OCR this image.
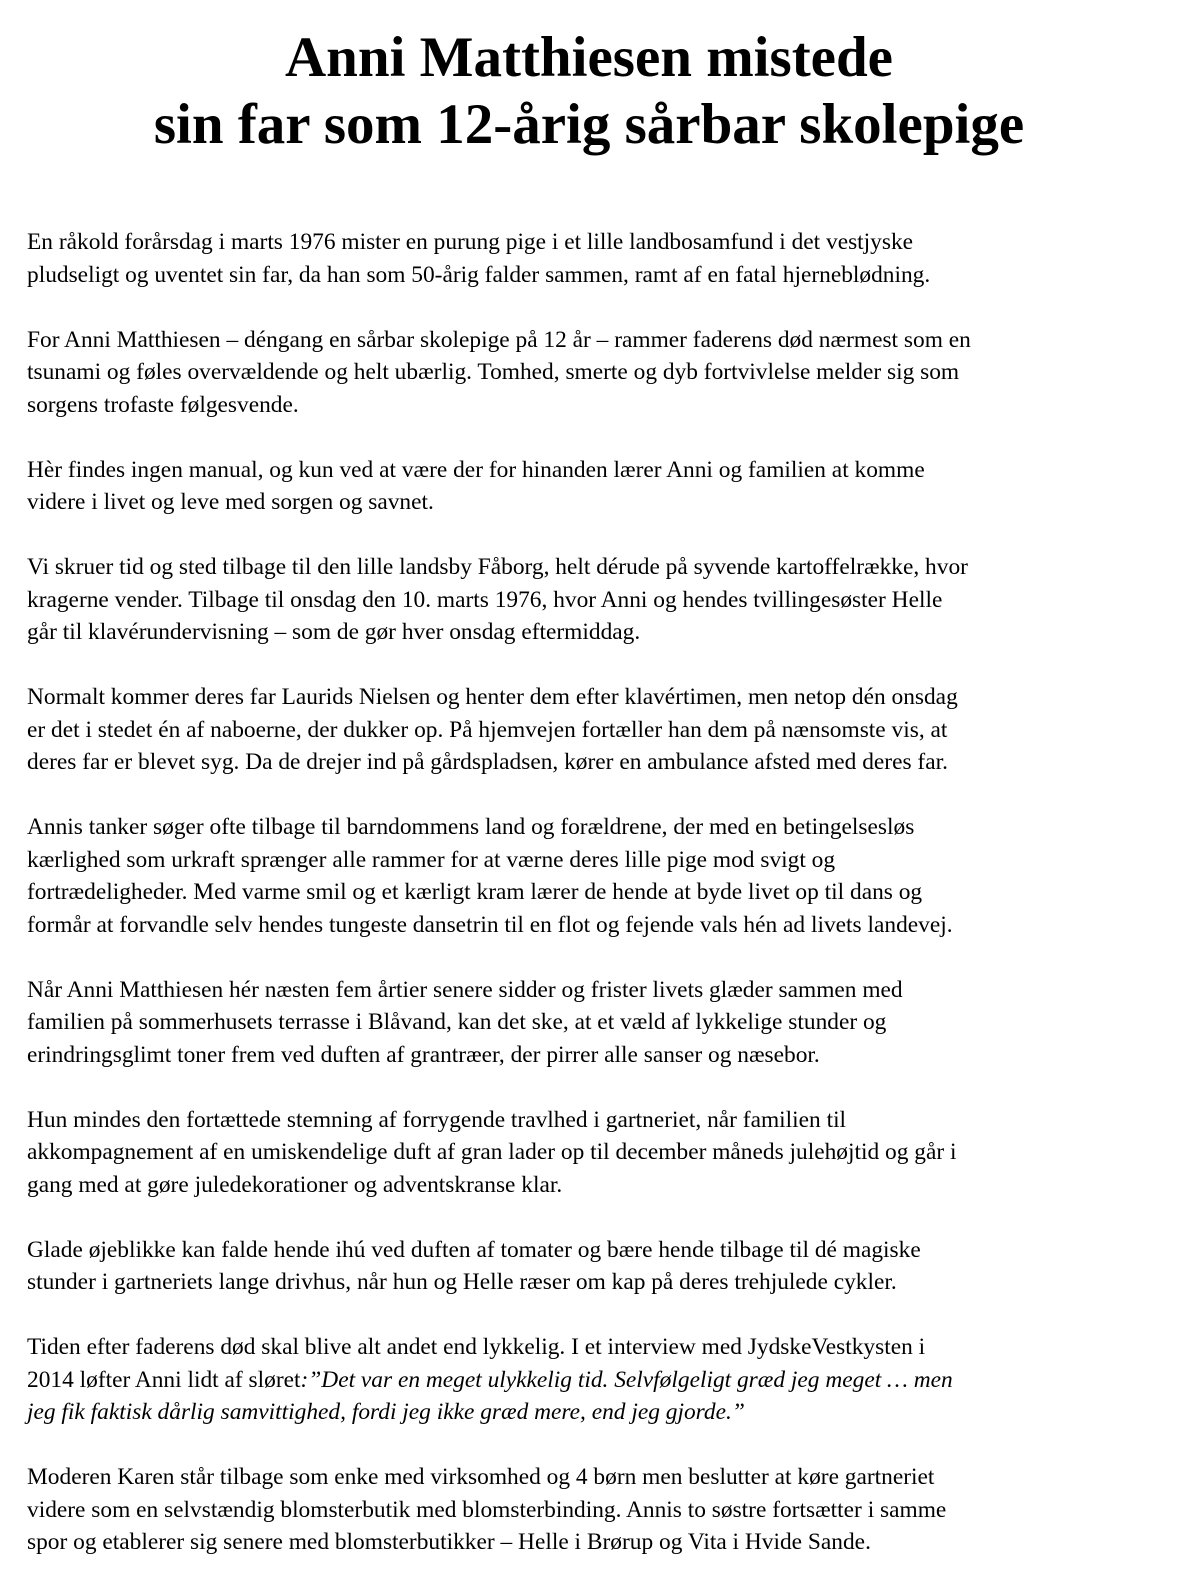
Anni Matthiesen mistede
sin far som 12-årig sårbar skolepige

En råkold forårsdag i marts 1976 mister en purung pige i et lille landbosamfund i det vestjyske
pludseligt og uventet sin far, da han som 50-årig falder sammen, ramt af en fatal hjerneblødning.

For Anni Matthiesen – déngang en sårbar skolepige på 12 år – rammer faderens død nærmest som en
tsunami og føles overvældende og helt ubærlig. Tomhed, smerte og dyb fortvivlelse melder sig som
sorgens trofaste følgesvende.

Hèr findes ingen manual, og kun ved at være der for hinanden lærer Anni og familien at komme
videre i livet og leve med sorgen og savnet.

Vi skruer tid og sted tilbage til den lille landsby Fåborg, helt dérude på syvende kartoffelrække, hvor
kragerne vender. Tilbage til onsdag den 10. marts 1976, hvor Anni og hendes tvillingesøster Helle
går til klavérundervisning – som de gør hver onsdag eftermiddag.

Normalt kommer deres far Laurids Nielsen og henter dem efter klavértimen, men netop dén onsdag
er det i stedet én af naboerne, der dukker op. På hjemvejen fortæller han dem på nænsomste vis, at
deres far er blevet syg. Da de drejer ind på gårdspladsen, kører en ambulance afsted med deres far.

Annis tanker søger ofte tilbage til barndommens land og forældrene, der med en betingelsesløs
kærlighed som urkraft sprænger alle rammer for at værne deres lille pige mod svigt og
fortrædeligheder. Med varme smil og et kærligt kram lærer de hende at byde livet op til dans og
formår at forvandle selv hendes tungeste dansetrin til en flot og fejende vals hén ad livets landevej.

Når Anni Matthiesen hér næsten fem årtier senere sidder og frister livets glæder sammen med
familien på sommerhusets terrasse i Blåvand, kan det ske, at et væld af lykkelige stunder og
erindringsglimt toner frem ved duften af grantræer, der pirrer alle sanser og næsebor.

Hun mindes den fortættede stemning af forrygende travlhed i gartneriet, når familien til
akkompagnement af en umiskendelige duft af gran lader op til december måneds julehøjtid og går i
gang med at gøre juledekorationer og adventskranse klar.

Glade øjeblikke kan falde hende ihú ved duften af tomater og bære hende tilbage til dé magiske
stunder i gartneriets lange drivhus, når hun og Helle ræser om kap på deres trehjulede cykler.

Tiden efter faderens død skal blive alt andet end lykkelig. I et interview med JydskeVestkysten i
2014 løfter Anni lidt af sløret:”Det var en meget ulykkelig tid. Selvfølgeligt græd jeg meget … men
jeg fik faktisk dårlig samvittighed, fordi jeg ikke græd mere, end jeg gjorde.”

Moderen Karen står tilbage som enke med virksomhed og 4 børn men beslutter at køre gartneriet
videre som en selvstændig blomsterbutik med blomsterbinding. Annis to søstre fortsætter i samme
spor og etablerer sig senere med blomsterbutikker – Helle i Brørup og Vita i Hvide Sande.
